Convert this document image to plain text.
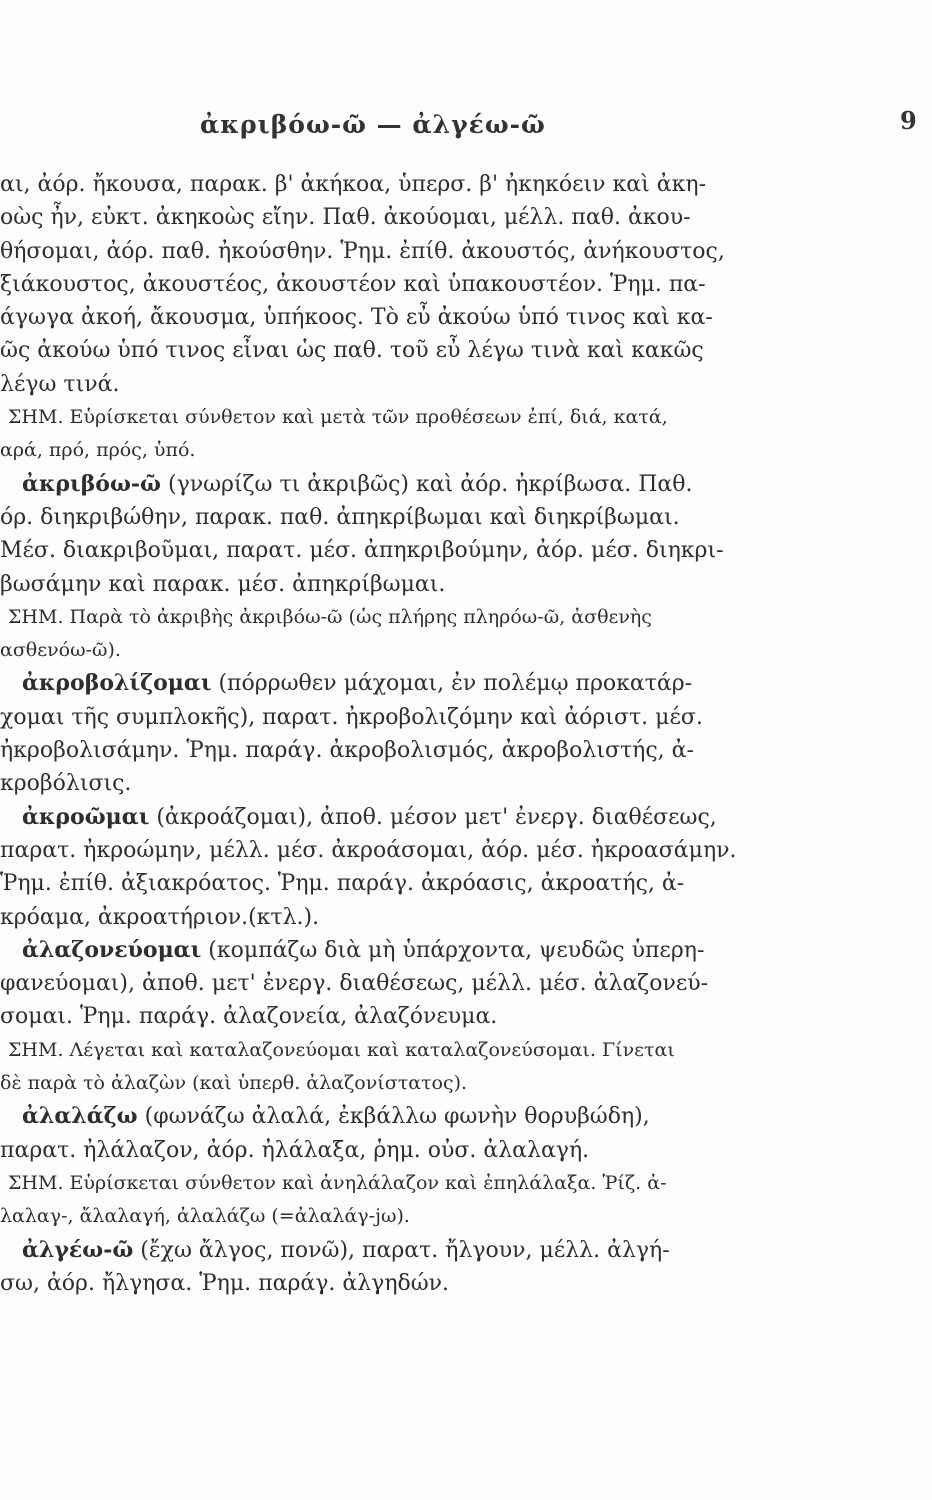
ἀκριβόω-ῶ — ἀλγέω-ῶ	9
αι, ἀόρ. ἤκουσα, παρακ. β' ἀκήκοα, ὑπερσ. β' ἠκηκόειν καὶ ἀκη-
οὼς ἦν, εὐκτ. ἀκηκοὼς εἴην. Παθ. ἀκούομαι, μέλλ. παθ. ἀκου-
θήσομαι, ἀόρ. παθ. ἠκούσθην. Ῥημ. ἐπίθ. ἀκουστός, ἀνήκουστος,
ξιάκουστος, ἀκουστέος, ἀκουστέον καὶ ὑπακουστέον. Ῥημ. πα-
άγωγα ἀκοή, ἄκουσμα, ὑπήκοος. Τὸ εὖ ἀκούω ὑπό τινος καὶ κα-
ῶς ἀκούω ὑπό τινος εἶναι ὡς παθ. τοῦ εὖ λέγω τινὰ καὶ κακῶς
λέγω τινά.
ΣΗΜ. Εὑρίσκεται σύνθετον καὶ μετὰ τῶν προθέσεων ἐπί, διά, κατά,
αρά, πρό, πρός, ὑπό.
ἀκριβόω-ῶ (γνωρίζω τι ἀκριβῶς) καὶ ἀόρ. ἠκρίβωσα. Παθ.
όρ. διηκριβώθην, παρακ. παθ. ἀπηκρίβωμαι καὶ διηκρίβωμαι.
Μέσ. διακριβοῦμαι, παρατ. μέσ. ἀπηκριβούμην, ἀόρ. μέσ. διηκρι-
βωσάμην καὶ παρακ. μέσ. ἀπηκρίβωμαι.
ΣΗΜ. Παρὰ τὸ ἀκριβὴς ἀκριβόω-ῶ (ὡς πλήρης πληρόω-ῶ, ἀσθενὴς
ασθενόω-ῶ).
ἀκροβολίζομαι (πόρρωθεν μάχομαι, ἐν πολέμῳ προκατάρ-
χομαι τῆς συμπλοκῆς), παρατ. ἠκροβολιζόμην καὶ ἀόριστ. μέσ.
ἠκροβολισάμην. Ῥημ. παράγ. ἀκροβολισμός, ἀκροβολιστής, ἀ-
κροβόλισις.
ἀκροῶμαι (ἀκροάζομαι), ἀποθ. μέσον μετ' ἐνεργ. διαθέσεως,
παρατ. ἠκροώμην, μέλλ. μέσ. ἀκροάσομαι, ἀόρ. μέσ. ἠκροασάμην.
Ῥημ. ἐπίθ. ἀξιακρόατος. Ῥημ. παράγ. ἀκρόασις, ἀκροατής, ἀ-
κρόαμα, ἀκροατήριον.(κτλ.).
ἀλαζονεύομαι (κομπάζω διὰ μὴ ὑπάρχοντα, ψευδῶς ὑπερη-
φανεύομαι), ἀποθ. μετ' ἐνεργ. διαθέσεως, μέλλ. μέσ. ἀλαζονεύ-
σομαι. Ῥημ. παράγ. ἀλαζονεία, ἀλαζόνευμα.
ΣΗΜ. Λέγεται καὶ καταλαζονεύομαι καὶ καταλαζονεύσομαι. Γίνεται
δὲ παρὰ τὸ ἀλαζὼν (καὶ ὑπερθ. ἀλαζονίστατος).
ἀλαλάζω (φωνάζω ἀλαλά, ἐκβάλλω φωνὴν θορυβώδη),
παρατ. ἠλάλαζον, ἀόρ. ἠλάλαξα, ῥημ. οὐσ. ἀλαλαγή.
ΣΗΜ. Εὑρίσκεται σύνθετον καὶ ἀνηλάλαζον καὶ ἐπηλάλαξα. Ῥίζ. ἀ-
λαλαγ-, ἄλαλαγή, ἀλαλάζω (=ἀλαλάγ-jω).
ἀλγέω-ῶ (ἔχω ἄλγος, πονῶ), παρατ. ἤλγουν, μέλλ. ἀλγή-
σω, ἀόρ. ἤλγησα. Ῥημ. παράγ. ἀλγηδών.
